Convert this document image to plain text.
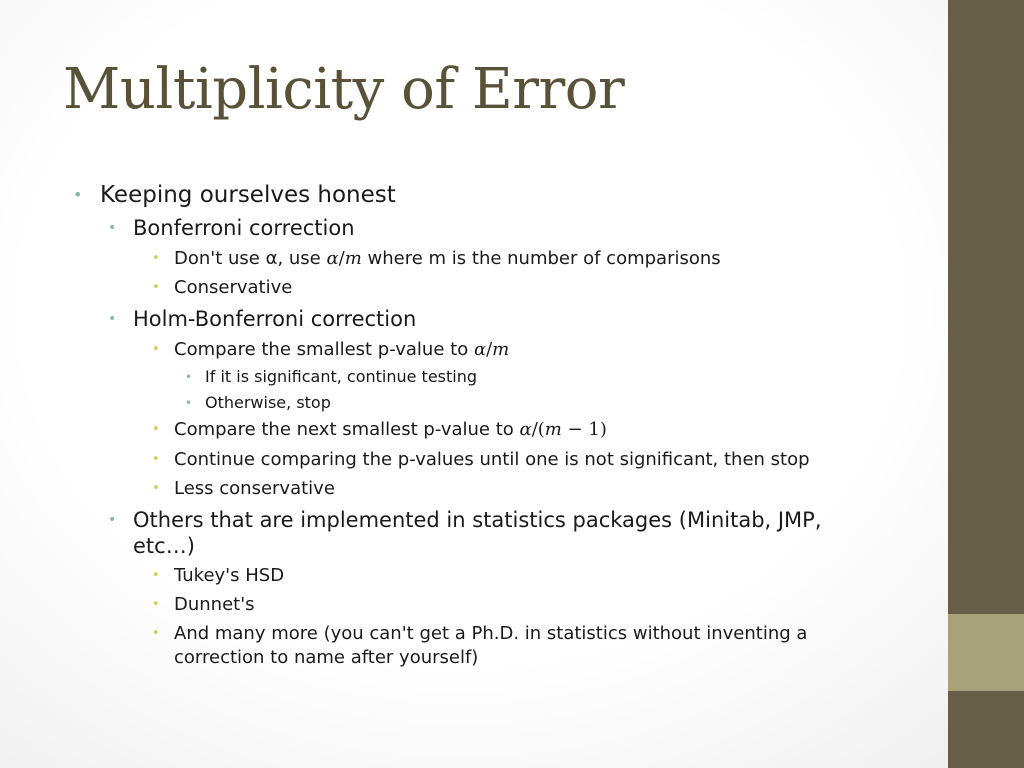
Multiplicity of Error
• Keeping ourselves honest
• Bonferroni correction
• Don't use α, use α/m where m is the number of comparisons
• Conservative
• Holm-Bonferroni correction
• Compare the smallest p-value to α/m
• If it is significant, continue testing
• Otherwise, stop
• Compare the next smallest p-value to α/(m − 1)
• Continue comparing the p-values until one is not significant, then stop
• Less conservative
• Others that are implemented in statistics packages (Minitab, JMP,
etc…)
• Tukey's HSD
• Dunnet's
• And many more (you can't get a Ph.D. in statistics without inventing a
correction to name after yourself)
